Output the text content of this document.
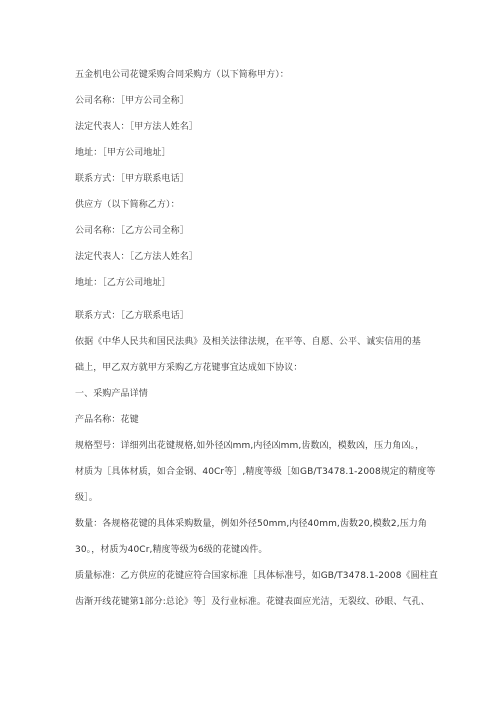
五金机电公司花键采购合同采购方（以下简称甲方）：
公司名称：［甲方公司全称］
法定代表人：［甲方法人姓名］
地址：［甲方公司地址］
联系方式：［甲方联系电话］
供应方（以下简称乙方）：
公司名称：［乙方公司全称］
法定代表人：［乙方法人姓名］
地址：［乙方公司地址］
联系方式：［乙方联系电话］
依据《中华人民共和国民法典》及相关法律法规，在平等、自愿、公平、诚实信用的基
础上，甲乙双方就甲方采购乙方花键事宜达成如下协议：
一、采购产品详情
产品名称：花键
规格型号：详细列出花键规格,如外径凶mm,内径凶mm,齿数凶，模数凶，压力角凶。，
材质为［具体材质，如合金钢、40Cr等］,精度等级［如GB/T3478.1-2008规定的精度等
级］。
数量：各规格花键的具体采购数量，例如外径50mm,内径40mm,齿数20,模数2,压力角
30。，材质为40Cr,精度等级为6级的花键凶件。
质量标准：乙方供应的花键应符合国家标准［具体标准号，如GB/T3478.1-2008《圆柱直
齿渐开线花键第1部分:总论》等］及行业标准。花键表面应光洁，无裂纹、砂眼、气孔、
